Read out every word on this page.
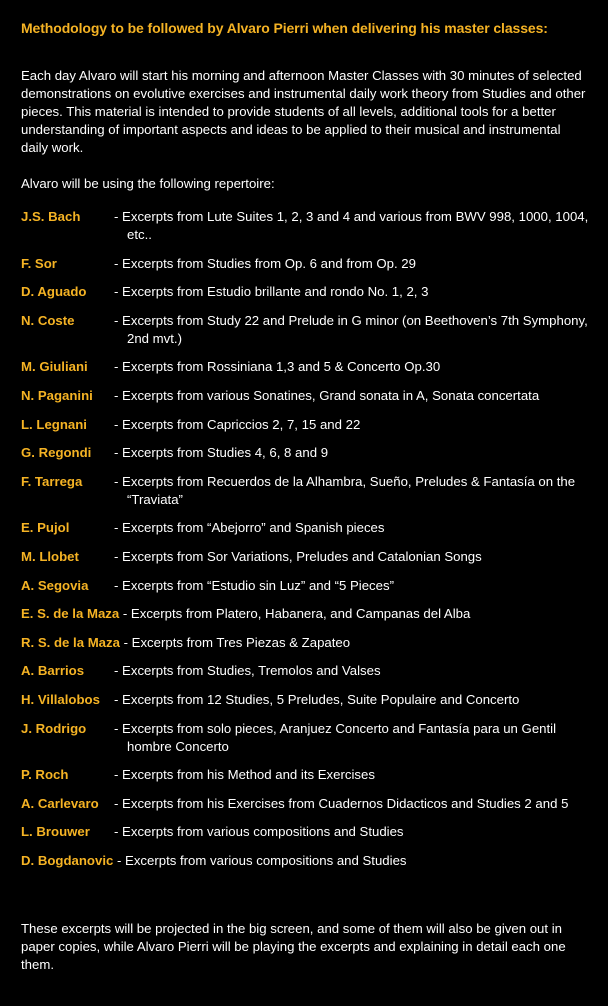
Methodology to be followed by Alvaro Pierri when delivering his master classes:
Each day Alvaro will start his morning and afternoon Master Classes with 30 minutes of selected demonstrations on evolutive exercises and instrumental daily work theory from Studies and other pieces. This material is intended to provide students of all levels, additional tools for a better understanding of important aspects and ideas to be applied to their musical and instrumental daily work.
Alvaro will be using the following repertoire:
J.S. Bach	- Excerpts from Lute Suites 1, 2, 3 and 4 and various from BWV 998, 1000, 1004, etc..
F. Sor	- Excerpts from Studies from Op. 6 and from Op. 29
D. Aguado - Excerpts from Estudio brillante and rondo No. 1, 2, 3
N. Coste	- Excerpts from Study 22 and Prelude in G minor (on Beethoven’s 7th Symphony, 2nd mvt.)
M. Giuliani - Excerpts from Rossiniana 1,3 and 5 & Concerto Op.30
N. Paganini - Excerpts from various Sonatines, Grand sonata in A, Sonata concertata
L. Legnani - Excerpts from Capriccios 2, 7, 15 and 22
G. Regondi - Excerpts from Studies 4, 6, 8 and 9
F. Tarrega - Excerpts from Recuerdos de la Alhambra, Sueño, Preludes & Fantasía on the “Traviata”
E. Pujol	- Excerpts from “Abejorro” and Spanish pieces
M. Llobet	- Excerpts from Sor Variations, Preludes and Catalonian Songs
A. Segovia - Excerpts from “Estudio sin Luz” and “5 Pieces”
E. S. de la Maza - Excerpts from Platero, Habanera, and Campanas del Alba
R. S. de la Maza - Excerpts from Tres Piezas & Zapateo
A. Barrios - Excerpts from Studies, Tremolos and Valses
H. Villalobos - Excerpts from 12 Studies, 5 Preludes, Suite Populaire and Concerto
J. Rodrigo - Excerpts from solo pieces, Aranjuez Concerto and Fantasía para un Gentil hombre Concerto
P. Roch	- Excerpts from his Method and its Exercises
A. Carlevaro - Excerpts from his Exercises from Cuadernos Didacticos and Studies 2 and 5
L. Brouwer - Excerpts from various compositions and Studies
D. Bogdanovic - Excerpts from various compositions and Studies
These excerpts will be projected in the big screen, and some of them will also be given out in paper copies, while Alvaro Pierri will be playing the excerpts and explaining in detail each one them.
